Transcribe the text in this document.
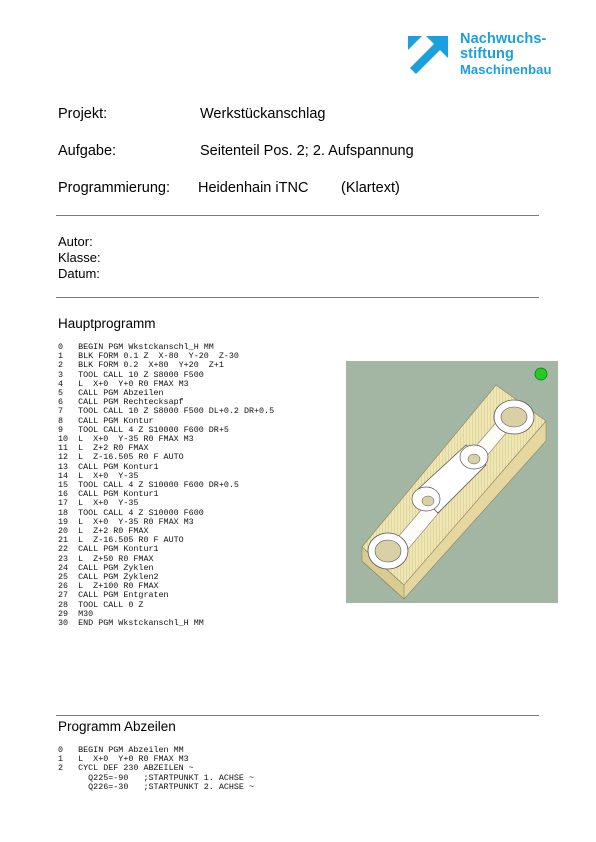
Nachwuchs-
stiftung
Maschinenbau
Projekt:	Werkstückanschlag
Aufgabe:	Seitenteil Pos. 2; 2. Aufspannung
Programmierung: Heidenhain iTNC (Klartext)
Autor:
Klasse:
Datum:
Hauptprogramm
0   BEGIN PGM Wkstckanschl_H MM
1   BLK FORM 0.1 Z  X-80  Y-20  Z-30
2   BLK FORM 0.2  X+80  Y+20  Z+1
3   TOOL CALL 10 Z S8000 F500
4   L  X+0  Y+0 R0 FMAX M3
5   CALL PGM Abzeilen
6   CALL PGM Rechtecksapf
7   TOOL CALL 10 Z S8000 F500 DL+0.2 DR+0.5
8   CALL PGM Kontur
9   TOOL CALL 4 Z S10000 F600 DR+5
10  L  X+0  Y-35 R0 FMAX M3
11  L  Z+2 R0 FMAX
12  L  Z-16.505 R0 F AUTO
13  CALL PGM Kontur1
14  L  X+0  Y-35
15  TOOL CALL 4 Z S10000 F600 DR+0.5
16  CALL PGM Kontur1
17  L  X+0  Y-35
18  TOOL CALL 4 Z S10000 F600
19  L  X+0  Y-35 R0 FMAX M3
20  L  Z+2 R0 FMAX
21  L  Z-16.505 R0 F AUTO
22  CALL PGM Kontur1
23  L  Z+50 R0 FMAX
24  CALL PGM Zyklen
25  CALL PGM Zyklen2
26  L  Z+100 R0 FMAX
27  CALL PGM Entgraten
28  TOOL CALL 0 Z
29  M30
30  END PGM Wkstckanschl_H MM
Programm Abzeilen
0   BEGIN PGM Abzeilen MM
1   L  X+0  Y+0 R0 FMAX M3
2   CYCL DEF 230 ABZEILEN ~
Q225=-90   ;STARTPUNKT 1. ACHSE ~
Q226=-30   ;STARTPUNKT 2. ACHSE ~
